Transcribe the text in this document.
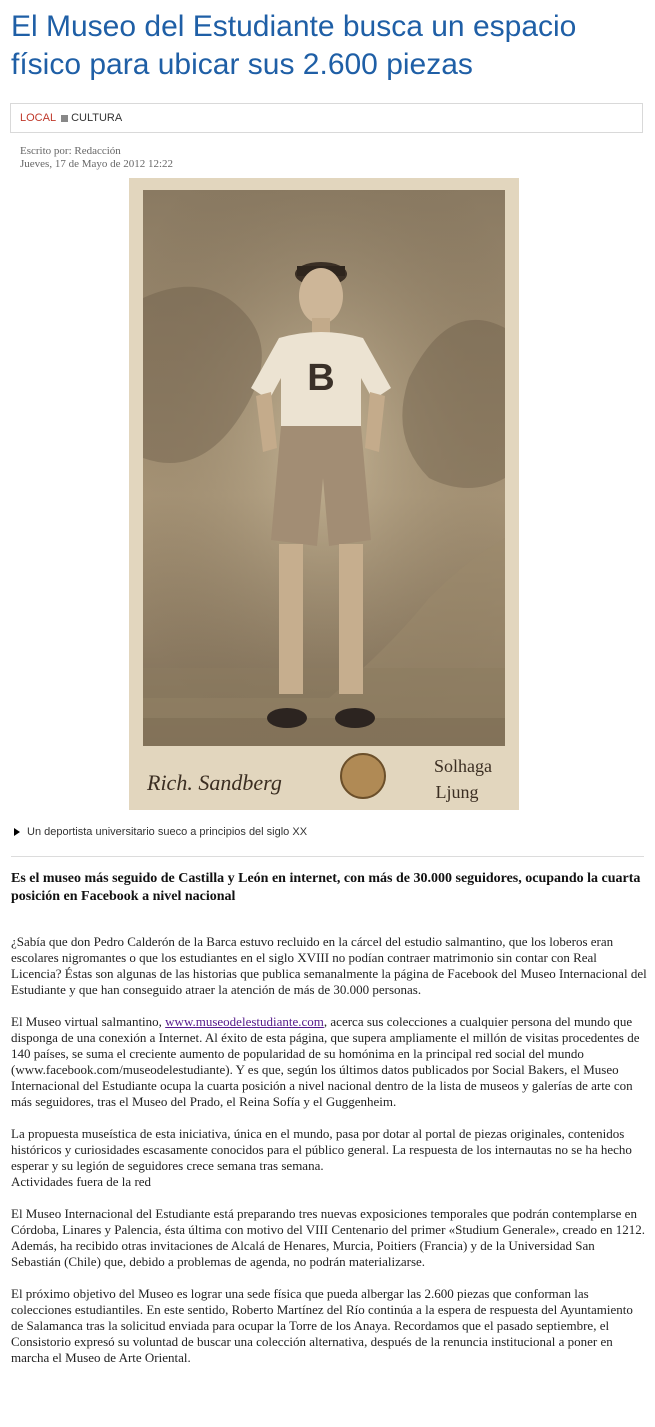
El Museo del Estudiante busca un espacio físico para ubicar sus 2.600 piezas
LOCAL CULTURA
Escrito por: Redacción
Jueves, 17 de Mayo de 2012 12:22
B
Rich. Sandberg
Solhaga
Ljung
Un deportista universitario sueco a principios del siglo XX

Es el museo más seguido de Castilla y León en internet, con más de 30.000 seguidores, ocupando la cuarta posición en Facebook a nivel nacional

¿Sabía que don Pedro Calderón de la Barca estuvo recluido en la cárcel del estudio salmantino, que los loberos eran escolares nigromantes o que los estudiantes en el siglo XVIII no podían contraer matrimonio sin contar con Real Licencia? Éstas son algunas de las historias que publica semanalmente la página de Facebook del Museo Internacional del Estudiante y que han conseguido atraer la atención de más de 30.000 personas.

El Museo virtual salmantino, www.museodelestudiante.com, acerca sus colecciones a cualquier persona del mundo que disponga de una conexión a Internet. Al éxito de esta página, que supera ampliamente el millón de visitas procedentes de 140 países, se suma el creciente aumento de popularidad de su homónima en la principal red social del mundo (www.facebook.com/museodelestudiante). Y es que, según los últimos datos publicados por Social Bakers, el Museo Internacional del Estudiante ocupa la cuarta posición a nivel nacional dentro de la lista de museos y galerías de arte con más seguidores, tras el Museo del Prado, el Reina Sofía y el Guggenheim.

La propuesta museística de esta iniciativa, única en el mundo, pasa por dotar al portal de piezas originales, contenidos históricos y curiosidades escasamente conocidos para el público general. La respuesta de los internautas no se ha hecho esperar y su legión de seguidores crece semana tras semana.

Actividades fuera de la red

El Museo Internacional del Estudiante está preparando tres nuevas exposiciones temporales que podrán contemplarse en Córdoba, Linares y Palencia, ésta última con motivo del VIII Centenario del primer «Studium Generale», creado en 1212. Además, ha recibido otras invitaciones de Alcalá de Henares, Murcia, Poitiers (Francia) y de la Universidad San Sebastián (Chile) que, debido a problemas de agenda, no podrán materializarse.

El próximo objetivo del Museo es lograr una sede física que pueda albergar las 2.600 piezas que conforman las colecciones estudiantiles. En este sentido, Roberto Martínez del Río continúa a la espera de respuesta del Ayuntamiento de Salamanca tras la solicitud enviada para ocupar la Torre de los Anaya. Recordamos que el pasado septiembre, el Consistorio expresó su voluntad de buscar una colección alternativa, después de la renuncia institucional a poner en marcha el Museo de Arte Oriental.
